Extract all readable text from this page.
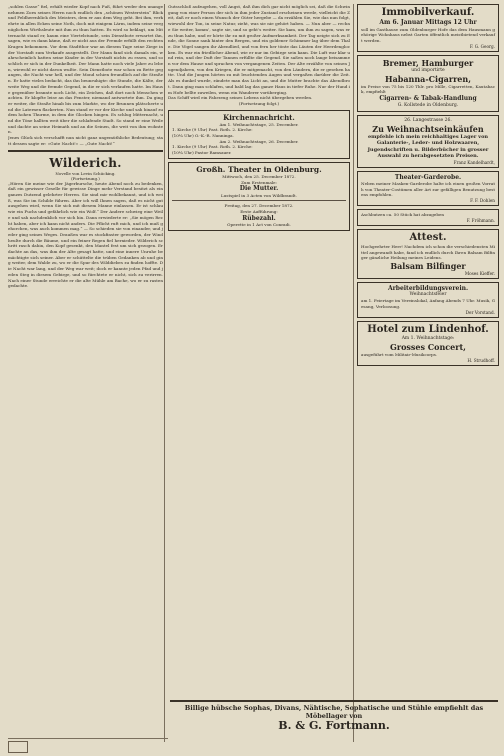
„sohlen Gasse“ fiel, erhält wieder Kopf nach Fuß, führt weder den unangenehmen Zorn seines Herrn noch endlich den „schönen Westerstein“ Blick und Feldherrnblick des Meisters, dem er aus dem Weg geht. Bei ihm, verkehrte in allen Ecken seine Noth, doch mit einigem Lärm, indem seine vergnüglichen Wirthsleute mit ihm zu thun hatten. Es wird so beklagt, um Mitternacht stand er, kaum eine Viertelstunde, sein Dienstbote erwartet ihn, sagen, wie es dann käme, daß er nicht aus der Fremde erfüllt den rechten Kragen bekommen. Vor dem Stadtthor war an diesem Tage seine Ziege in der Vorstadt zum Verkaufe ausgestellt. Der Mann fand sich damals ein, wahrscheinlich hatten seine Kinder in der Vorstadt nichts zu essen, und so schlich er sich in der Dunkelheit. Der Mann hatte noch viele Jahre zu leben, wiewohl er nicht davon wußte. Sein Dienstbote war schon zu Bette gegangen, die Nacht war hell, und der Mond schien freundlich auf die Straßen. Er hatte vieles bedacht, das ihn beunruhigte: die Stunde, die Kälte, der weite Weg und die fremde Gegend, in die er sich verlaufen hatte. Im Hause gegenüber brannte noch Licht, ein Zeichen, daß dort noch Menschen wachten. Er klopfte leise an das Fenster, niemand antwortete ihm. Da ging er weiter, die Straße hinab bis zum Markte, wo der Brunnen plätscherte und die Laternen flackerten. Nun stand er vor der Kirche und sah hinauf zu dem hohen Thurme, in dem die Glocken hingen. Es schlug Mitternacht, und die Töne hallten weit über die schlafende Stadt. So stand er eine Weile und dachte an seine Heimath und an die Seinen, die weit von ihm wohnten.
Jenes Glück sich verschafft nun nicht ganz ungemüthliche Bedeutung; statt dessen sagte er: »Gute Nacht!« — „Gute Nacht!“
Wilderich.
Novelle von Levin Schücking.
(Fortsetzung.)
„Hören Sie meine wie der Jägerbursche, heute Abend noch zu bedenken, daß ein gewisser Geselle für gewisse Dinge mehr Verstand besitzt als ein ganzes Dutzend gelehrter Herren. Sie sind mir wohlbekannt, und ich weiß, was Sie im Schilde führen. Aber ich will Ihnen sagen, daß es nicht gut ausgehen wird, wenn Sie sich mit diesem Manne einlassen. Er ist schlau wie ein Fuchs und gefährlich wie ein Wolf.“ Der Andere schwieg eine Weile und sah nachdenklich vor sich hin. Dann erwiederte er: „Sie mögen Recht haben, aber ich kann nicht anders. Die Pflicht ruft mich, und ich muß gehorchen, was auch kommen mag.“ — So schieden sie von einander, und jeder ging seines Weges. Draußen war es stockfinster geworden, der Wind heulte durch die Bäume, und ein feiner Regen fiel hernieder. Wilderich schritt rasch dahin, den Kopf gesenkt, den Mantel fest um sich gezogen. Er dachte an das, was ihm der Alte gesagt hatte, und eine innere Unruhe bemächtigte sich seiner. Aber er schüttelte die trüben Gedanken ab und ging weiter, dem Walde zu, wo er die Spur des Wilddiebes zu finden hoffte. Die Nacht war lang, und der Weg war weit; doch er kannte jeden Pfad und jeden Steg in diesem Gebirge, und so fürchtete er nicht, sich zu verirren. Nach einer Stunde erreichte er die alte Mühle am Bache, wo er zu rasten gedachte.
Gutsschloß aufzugehen, voll Angst, daß ihm dich gar nicht möglich sei, daß die Schwingung von einer Person der sich in ihm jeder Zustand erscheinen werde, vielleicht die Zeit, daß er noch einen Wunsch der Güter hergebe — da erzählen Sie, wie das nun folgt, wiewohl der Ton, in seine Natur, zieht, was sie nie gehört haben. — Nun aber — rechne Sie weiter, komm’, sagte sie, und so geht’s weiter. Sie kam, um ihm zu sagen, was er zu thun habe, und er hörte ihr zu mit großer Aufmerksamkeit. Der Tag neigte sich zu Ende, die Sonne sank hinter den Bergen, und ein goldener Schimmer lag über dem Thale. Die Vögel sangen ihr Abendlied, und von fern her tönte das Läuten der Heerdenglocken. Es war ein friedlicher Abend, wie er nur im Gebirge sein kann. Die Luft war klar und rein, und der Duft der Tannen erfüllte die Gegend. Sie saßen noch lange beisammen vor dem Hause und sprachen von vergangenen Zeiten. Der Alte erzählte von seinen Jugendjahren, von den Kriegen, die er mitgemacht, von den Ländern, die er gesehen hatte. Und die Jungen hörten zu mit leuchtenden Augen und vergaßen darüber die Zeit. Als es dunkel wurde, zündete man das Licht an, und die Mutter brachte das Abendbrot. Dann ging man schlafen, und bald lag das ganze Haus in tiefer Ruhe. Nur der Hund im Hofe bellte zuweilen, wenn ein Wanderer vorüberging.
Das Schiff wird ein Fahrzeug seines Lebens nicht übergeben werden.
(Fortsetzung folgt.)
Kirchennachricht.
Am 1. Weihnachtstage, 25. December.
1. Kirche (9 Uhr) Past. Roth. 2. Kirche:
(10¼ Uhr) O.-K.-R. Nanninga.
Am 2. Weihnachtstage, 26. December.
1. Kirche (9 Uhr) Past. Roth. 2. Kirche:
(10¼ Uhr) Pastor Ramsauer.
Großh. Theater in Oldenburg.
Mittwoch, den 25. December 1872.
Zum Erstenmale:
Die Mutter.
Lustspiel in 3 Acten von Wildbrandt.
Freitag, den 27. December 1872.
Erste Aufführung:
Rübezahl.
Operette in 1 Act von Conradi.
Immobilverkauf.
Am 6. Januar Mittags 12 Uhr
soll im Gasthause zum Oldenburger Hofe das dem Hausmann gehörige Wohnhaus nebst Garten öffentlich meistbietend verkauft werden.
F. G. Georg.
Bremer, Hamburger
und importirte
Habanna-Cigarren,
im Preise von 75 bis 120 Thlr. pro Mille, Cigarretten, Kautaback, empfiehlt
Cigarren- & Tabak-Handlung
G. Kollstede in Oldenburg.
26. Langestrasse 26.
Zu Weihnachtseinkäufen
empfehle ich mein reichhaltiges Lager von Galanterie-, Leder- und Holzwaaren, Jugendschriften u. Bilderbücher in grosser Auswahl zu herabgesetzten Preisen.
Franz Kandelhardt,
Theater-Garderobe.
Neben meiner Masken-Garderobe halte ich einen großen Vorrath von Theater-Costümen aller Art zur gefälligen Benutzung bestens empfohlen.
F. F. Dohlen
Aschbutzen ca. 50 Stück hat abzugeben
F. Fröhmann.
Attest.
Hochgeehrter Herr! Nachdem ich schon die verschiedensten Mittel angewandt habe, fand ich endlich durch Ihren Balsam Bilfinger gänzliche Heilung meines Leidens.
Balsam Bilfinger
Moses Kieffer.
Arbeiterbildungsverein.
Weihnachtsfeier
am 1. Feiertage im Vereinslokal, Anfang Abends 7 Uhr. Musik, Gesang, Verloosung.
Der Vorstand.
Hotel zum Lindenhof.
Am 1. Weihnachtstage:
Grosses Concert,
ausgeführt vom Militair-Musikcorps.
H. Strudhoff.
Billige hübsche Sophas, Divans, Nähtische, Sophatische und Stühle empfiehlt das Möbellager von
B. & G. Fortmann.
